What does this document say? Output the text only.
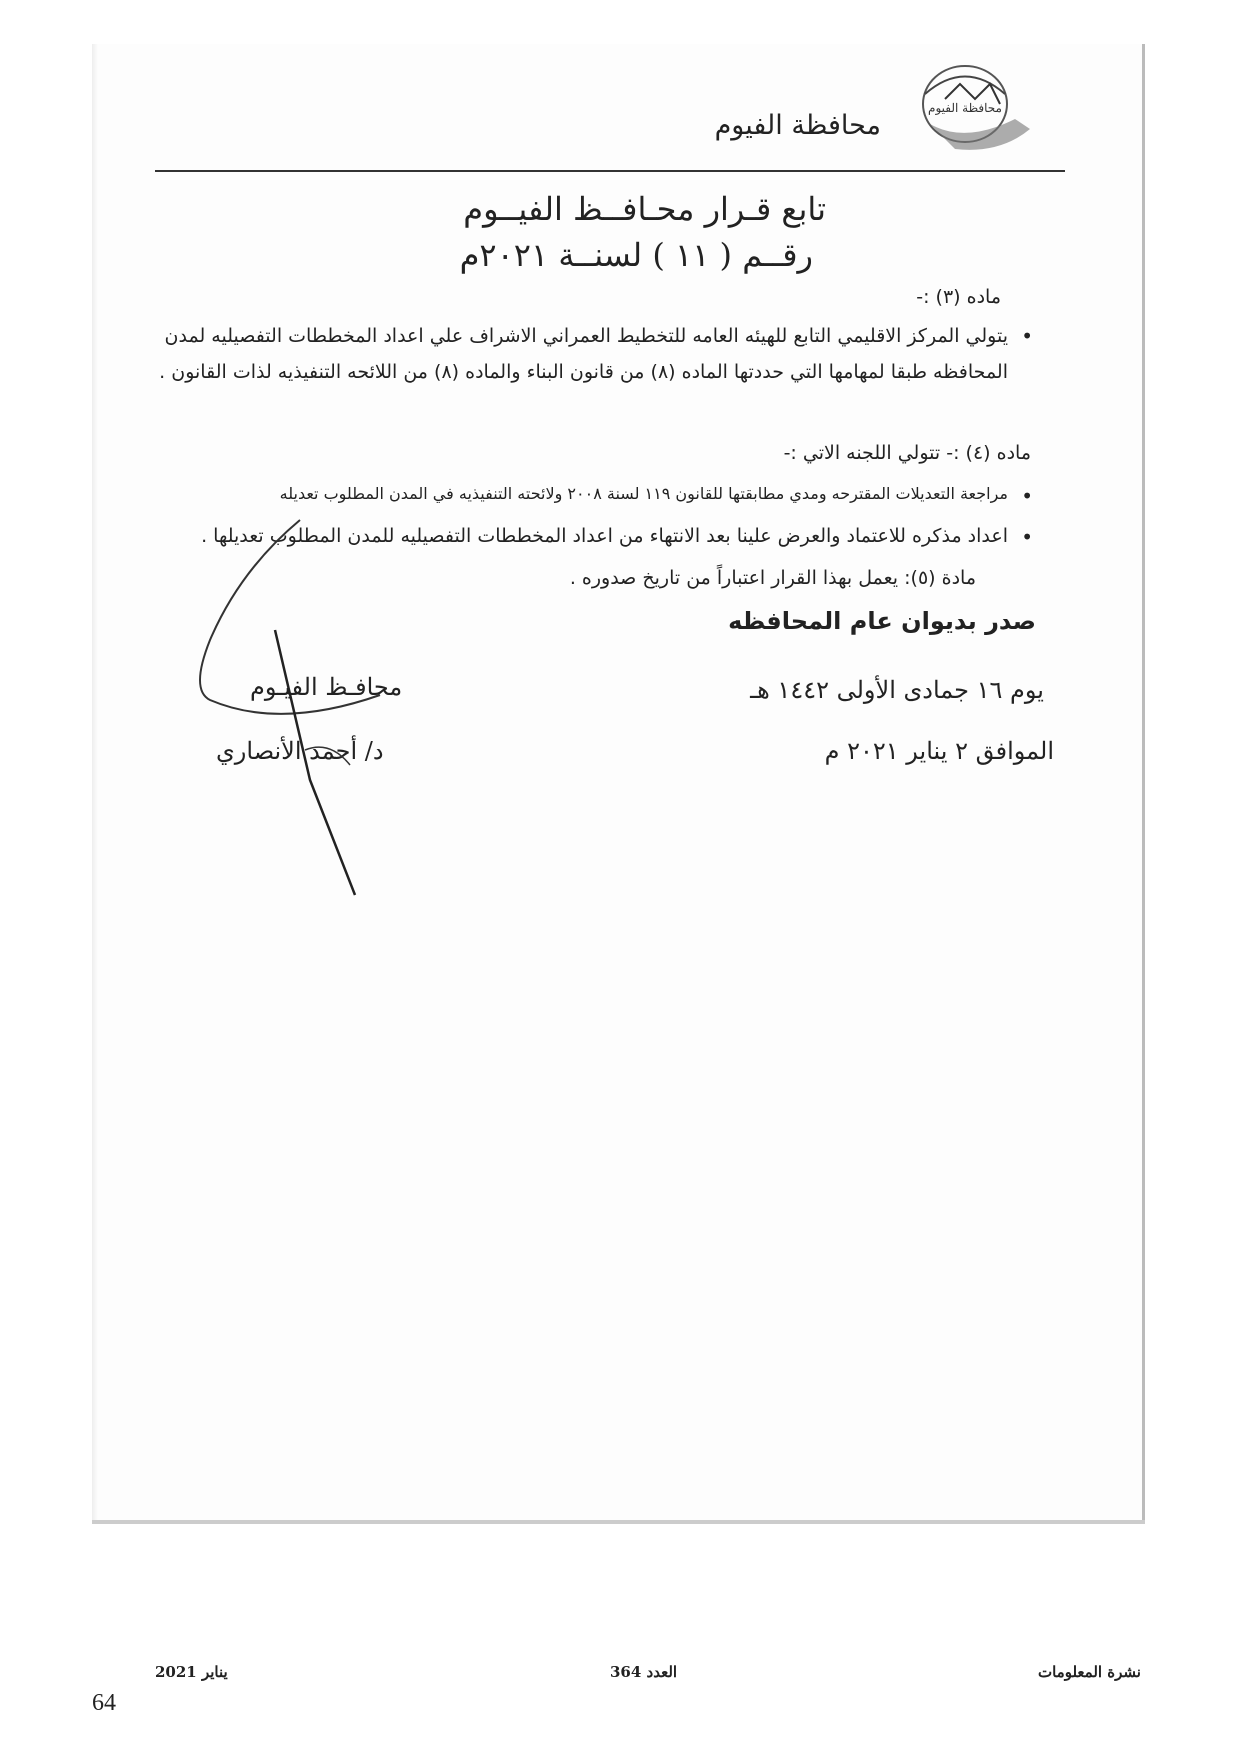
محافظة الفيوم
محافظة الفيوم
تابع قـرار محـافــظ الفيــوم
رقــم ( ١١ ) لسنــة ٢٠٢١م
ماده (٣) :-
• يتولي المركز الاقليمي التابع للهيئه العامه للتخطيط العمراني الاشراف علي اعداد المخططات التفصيليه لمدن المحافظه طبقا لمهامها التي حددتها الماده (٨) من قانون البناء والماده (٨) من اللائحه التنفيذيه لذات القانون .
ماده (٤) :- تتولي اللجنه الاتي :-
• مراجعة التعديلات المقترحه ومدي مطابقتها للقانون ١١٩ لسنة ٢٠٠٨ ولائحته التنفيذيه في المدن المطلوب تعديله
• اعداد مذكره للاعتماد والعرض علينا بعد الانتهاء من اعداد المخططات التفصيليه للمدن المطلوب تعديلها .
مادة (٥): يعمل بهذا القرار اعتباراً من تاريخ صدوره .
صدر بديوان عام المحافظه
يوم ١٦ جمادى الأولى ١٤٤٢ هـ
الموافق ٢ يناير ٢٠٢١ م
محافـظ الفيـوم
د/ أحمد الأنصاري
نشرة المعلومات
العدد 364
يناير 2021
64
